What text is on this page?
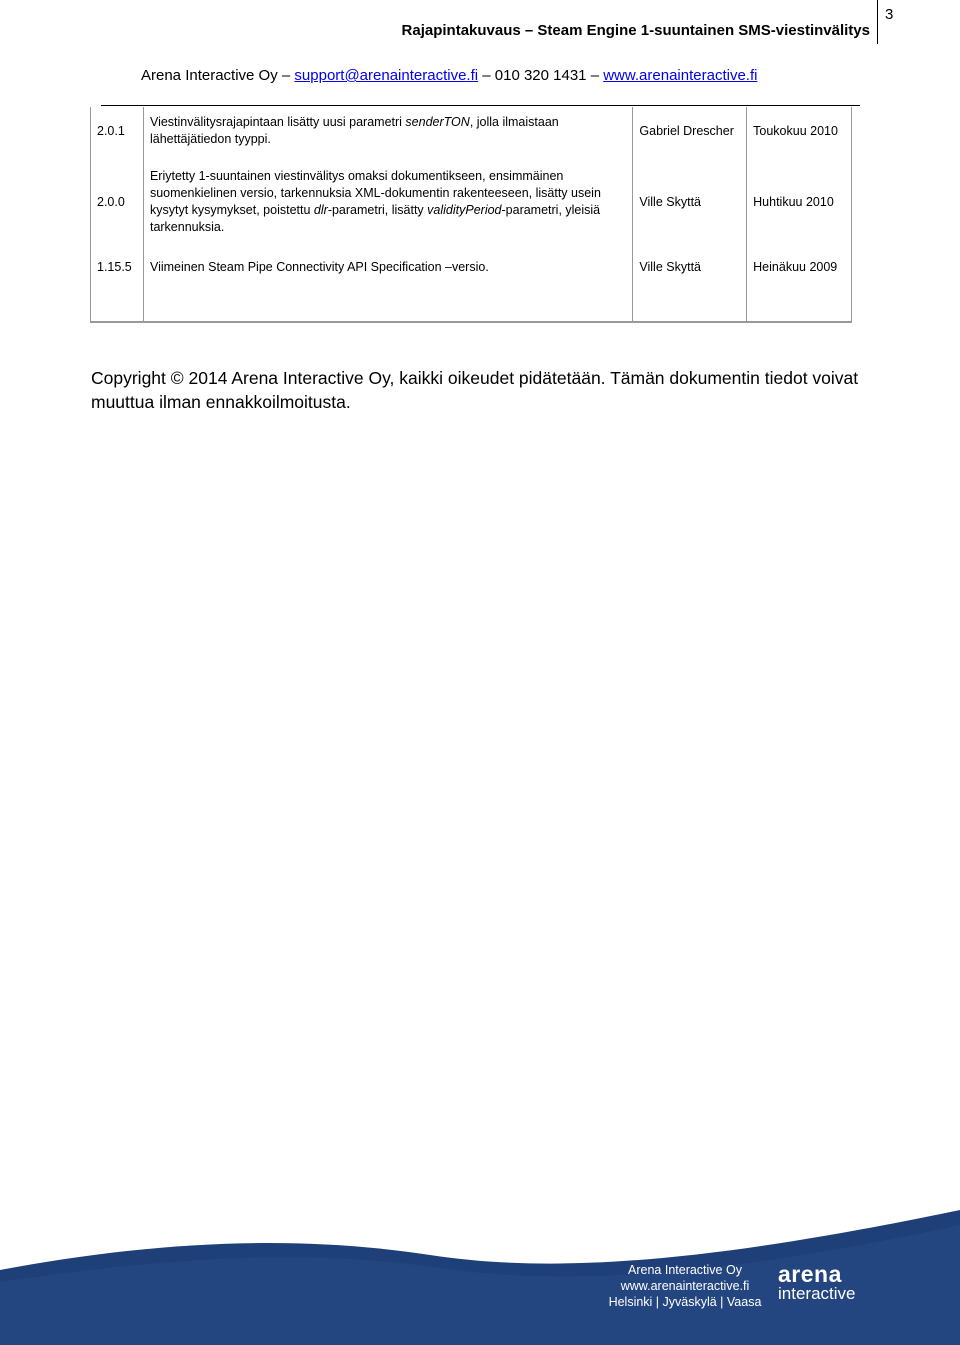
3
Rajapintakuvaus – Steam Engine 1-suuntainen SMS-viestinvälitys
Arena Interactive Oy – support@arenainteractive.fi – 010 320 1431 – www.arenainteractive.fi
2.0.1	Viestinvälitysrajapintaan lisätty uusi parametri senderTON, jolla ilmaistaan lähettäjätiedon tyyppi.	Gabriel Drescher	Toukokuu 2010
2.0.0	Eriytetty 1-suuntainen viestinvälitys omaksi dokumentikseen, ensimmäinen suomenkielinen versio, tarkennuksia XML-dokumentin rakenteeseen, lisätty usein kysytyt kysymykset, poistettu dlr-parametri, lisätty validityPeriod-parametri, yleisiä tarkennuksia.	Ville Skyttä	Huhtikuu 2010
1.15.5	Viimeinen Steam Pipe Connectivity API Specification –versio.	Ville Skyttä	Heinäkuu 2009
Copyright © 2014 Arena Interactive Oy, kaikki oikeudet pidätetään. Tämän dokumentin tiedot voivat muuttua ilman ennakkoilmoitusta.
Arena Interactive Oy
www.arenainteractive.fi
Helsinki | Jyväskylä | Vaasa
arena
interactive
